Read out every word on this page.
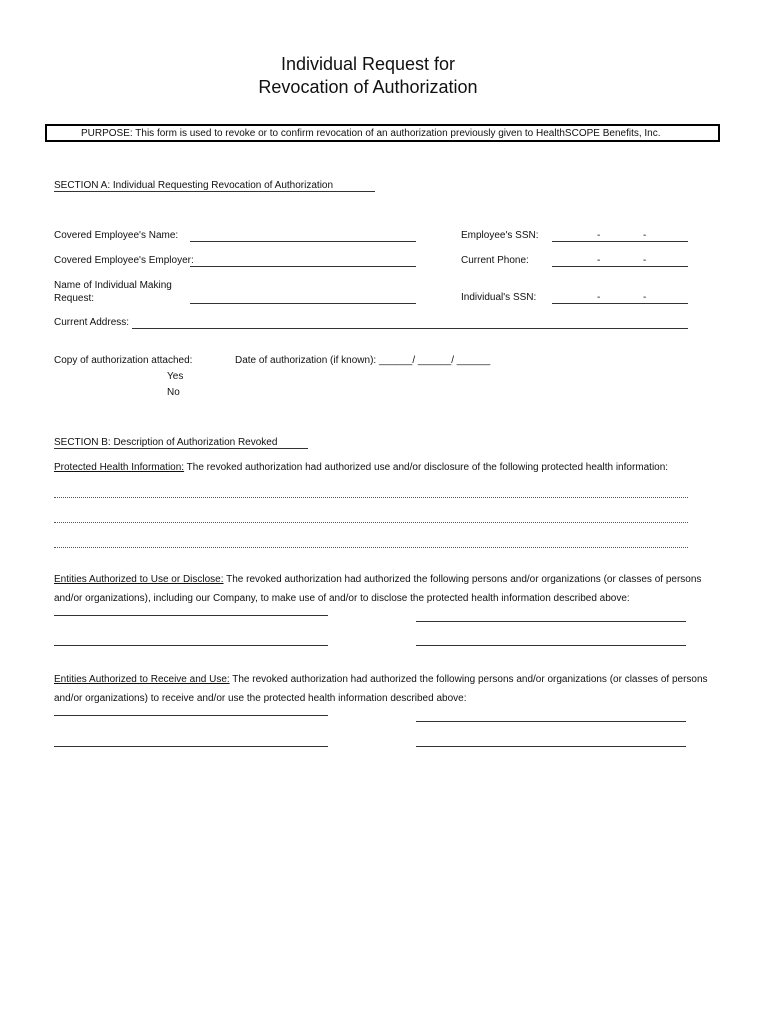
Individual Request for
Revocation of Authorization
PURPOSE: This form is used to revoke or to confirm revocation of an authorization previously given to HealthSCOPE Benefits, Inc.
SECTION A: Individual Requesting Revocation of Authorization
Covered Employee's Name:	Employee's SSN:	-	-
Covered Employee's Employer:	Current Phone:	-	-
Name of Individual Making
Request:	Individual's SSN:	-	-
Current Address:
Copy of authorization attached:	Date of authorization (if known): ______/ ______/ ______
Yes
No
SECTION B: Description of Authorization Revoked
Protected Health Information: The revoked authorization had authorized use and/or disclosure of the following protected health information:
Entities Authorized to Use or Disclose: The revoked authorization had authorized the following persons and/or organizations (or classes of persons
and/or organizations), including our Company, to make use of and/or to disclose the protected health information described above:
Entities Authorized to Receive and Use: The revoked authorization had authorized the following persons and/or organizations (or classes of persons
and/or organizations) to receive and/or use the protected health information described above:
